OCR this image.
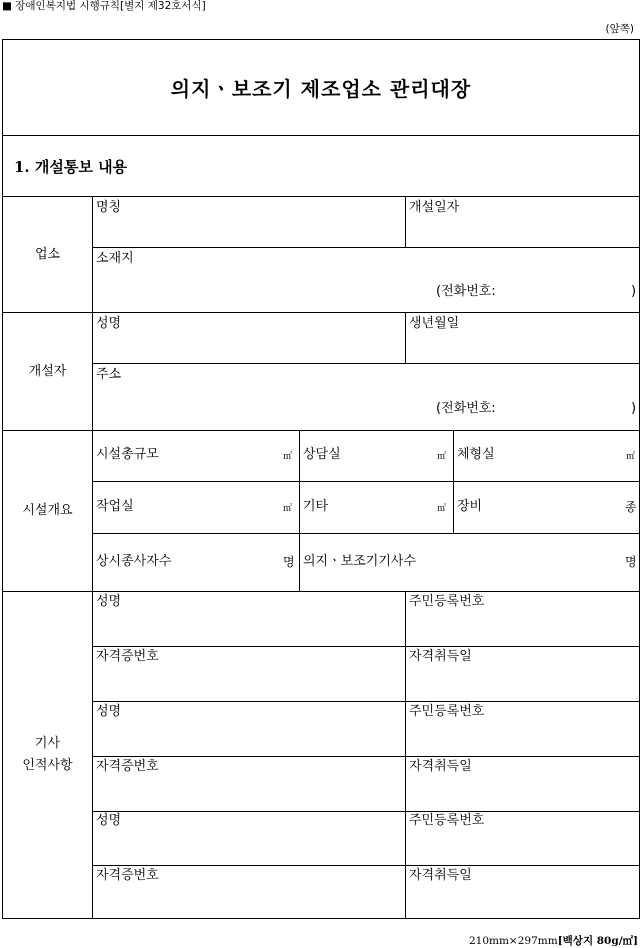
■ 장애인복지법 시행규칙[별지 제32호서식]
(앞쪽)
의지ㆍ보조기 제조업소 관리대장
1. 개설통보 내용
업소
명칭	개설일자
소재지
(전화번호:	)
개설자
성명	생년월일
주소
(전화번호:	)
시설개요
시설총규모	㎡ 상담실	㎡ 체형실	㎡
작업실	㎡ 기타	㎡ 장비	종
상시종사자수	명 의지ㆍ보조기기사수	명
기사
인적사항
성명	주민등록번호
자격증번호	자격취득일
성명	주민등록번호
자격증번호	자격취득일
성명	주민등록번호
자격증번호	자격취득일
210mm×297mm[백상지 80g/㎡]
